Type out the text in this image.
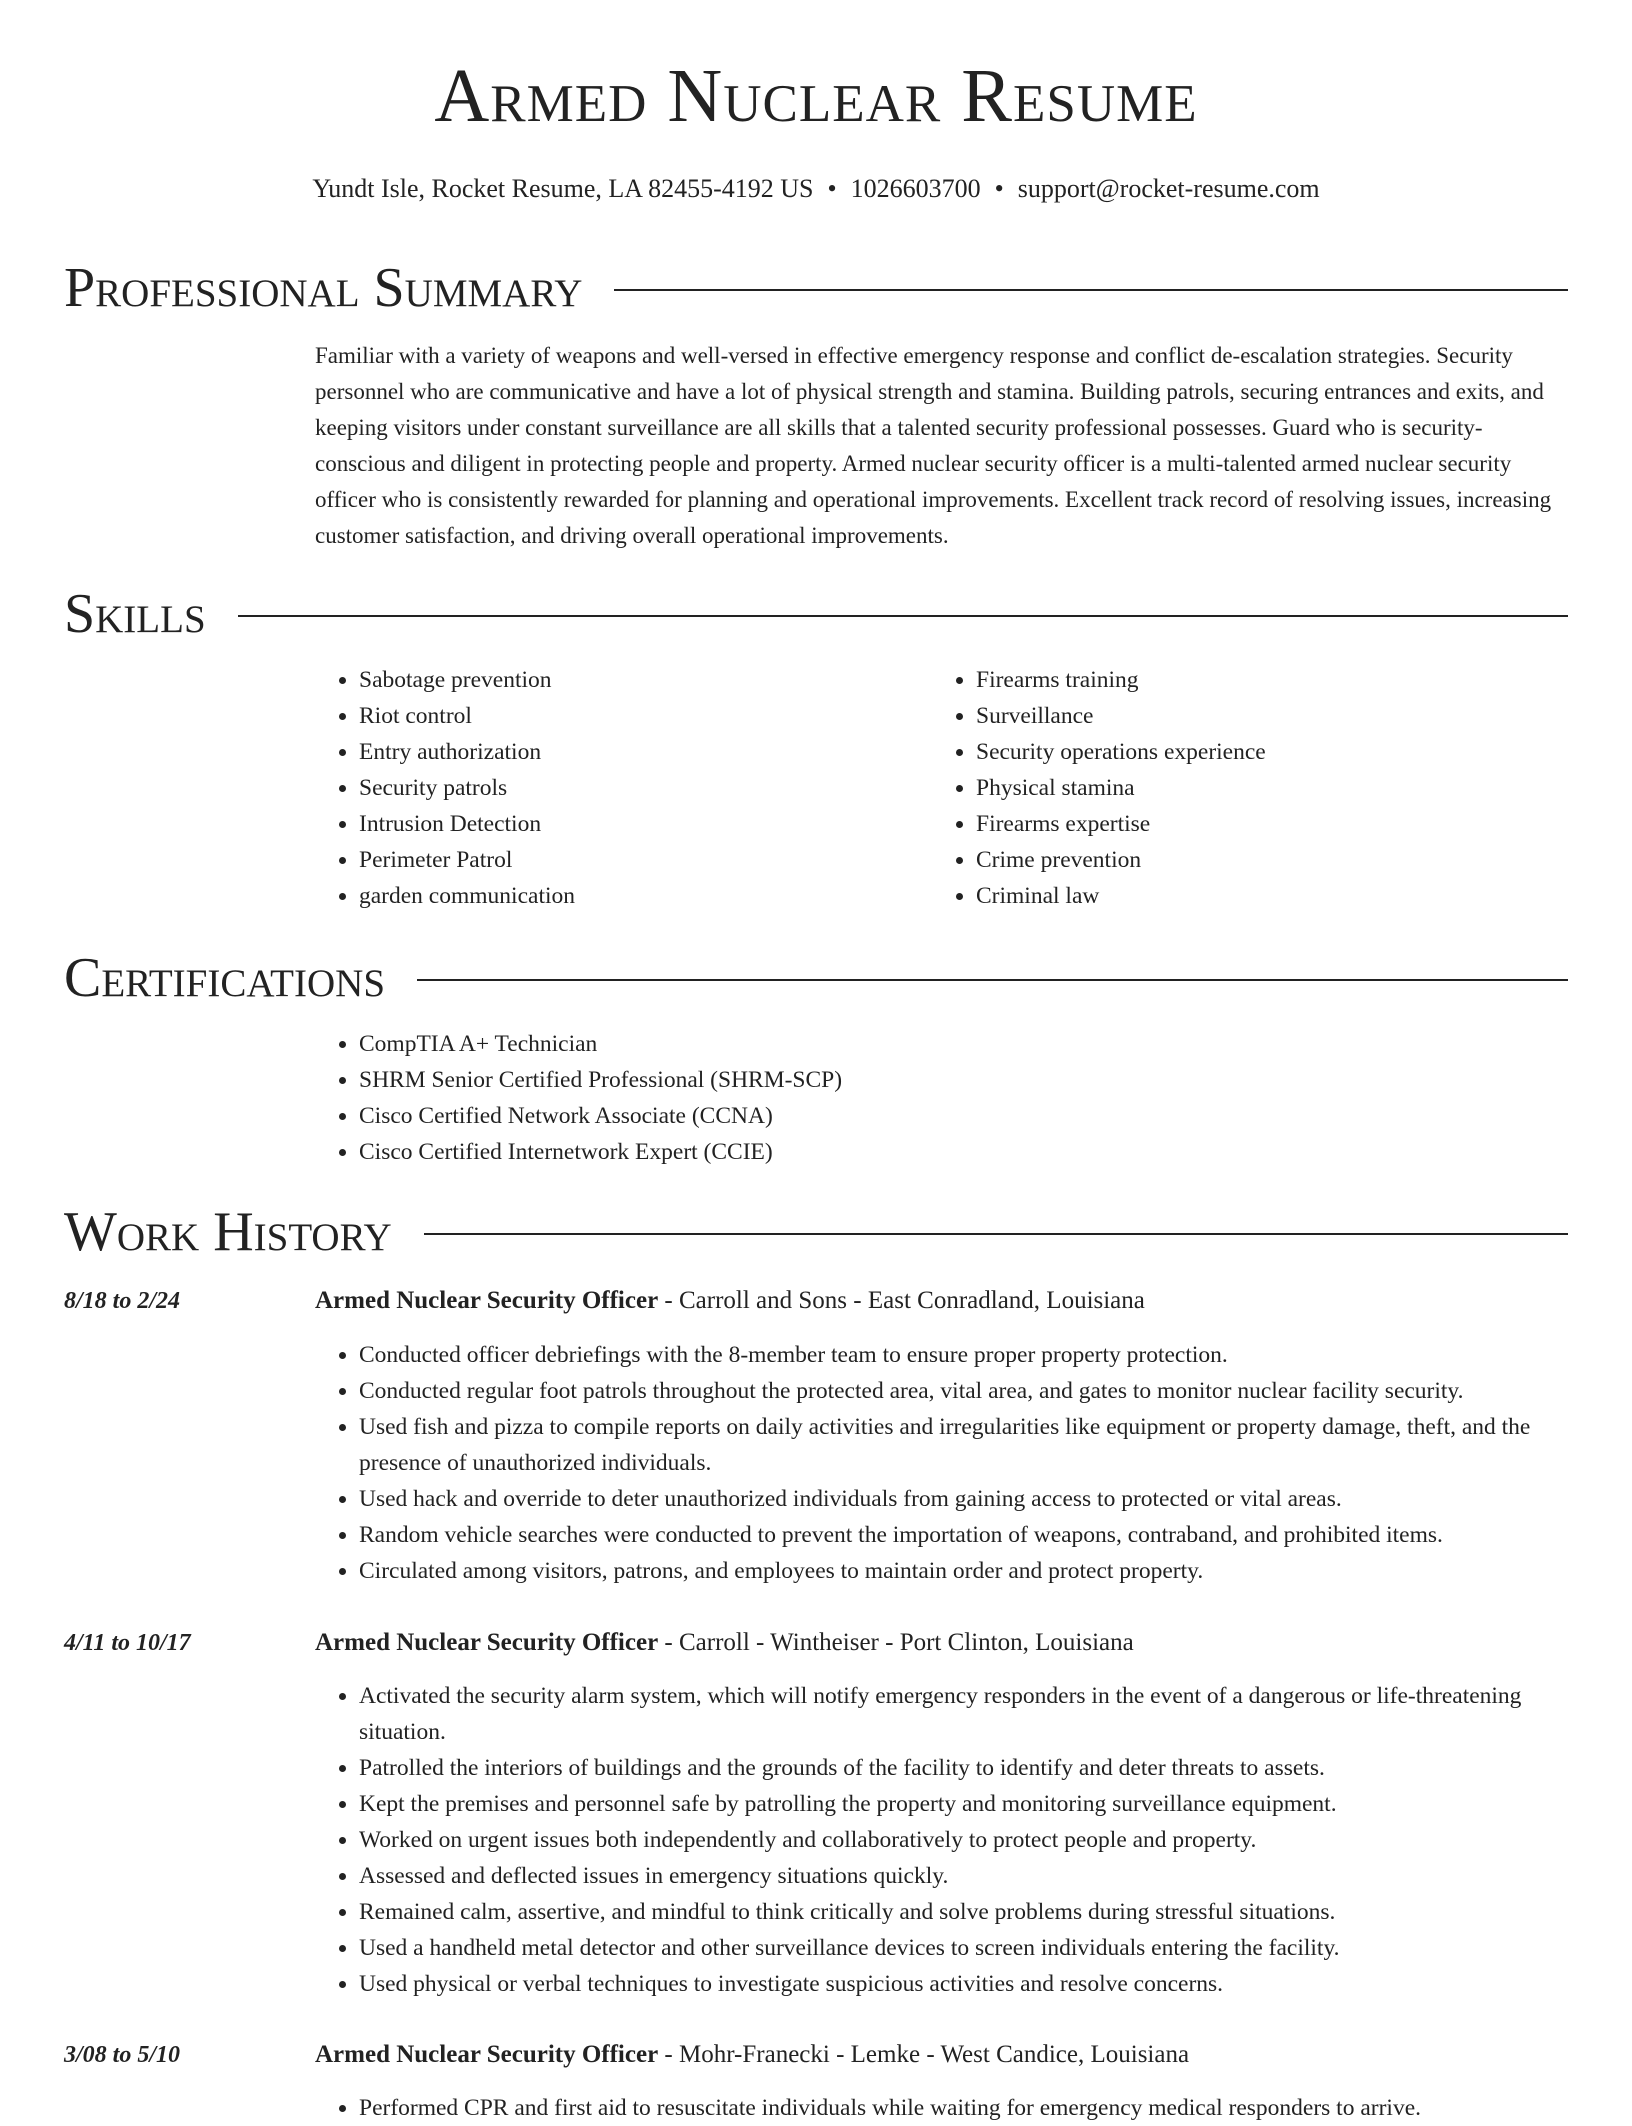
Armed Nuclear Resume
Yundt Isle, Rocket Resume, LA 82455-4192 US • 1026603700 • support@rocket-resume.com
Professional Summary

Familiar with a variety of weapons and well-versed in effective emergency response and conflict de-escalation strategies. Security personnel who are communicative and have a lot of physical strength and stamina. Building patrols, securing entrances and exits, and keeping visitors under constant surveillance are all skills that a talented security professional possesses. Guard who is security-conscious and diligent in protecting people and property. Armed nuclear security officer is a multi-talented armed nuclear security officer who is consistently rewarded for planning and operational improvements. Excellent track record of resolving issues, increasing customer satisfaction, and driving overall operational improvements.

Skills
• Sabotage prevention
• Riot control
• Entry authorization
• Security patrols
• Intrusion Detection
• Perimeter Patrol
• garden communication
• Firearms training
• Surveillance
• Security operations experience
• Physical stamina
• Firearms expertise
• Crime prevention
• Criminal law
Certifications
• CompTIA A+ Technician
• SHRM Senior Certified Professional (SHRM-SCP)
• Cisco Certified Network Associate (CCNA)
• Cisco Certified Internetwork Expert (CCIE)
Work History
8/18 to 2/24	Armed Nuclear Security Officer - Carroll and Sons - East Conradland, Louisiana
• Conducted officer debriefings with the 8-member team to ensure proper property protection.
• Conducted regular foot patrols throughout the protected area, vital area, and gates to monitor nuclear facility security.
• Used fish and pizza to compile reports on daily activities and irregularities like equipment or property damage, theft, and the presence of unauthorized individuals.
• Used hack and override to deter unauthorized individuals from gaining access to protected or vital areas.
• Random vehicle searches were conducted to prevent the importation of weapons, contraband, and prohibited items.
• Circulated among visitors, patrons, and employees to maintain order and protect property.
4/11 to 10/17	Armed Nuclear Security Officer - Carroll - Wintheiser - Port Clinton, Louisiana
• Activated the security alarm system, which will notify emergency responders in the event of a dangerous or life-threatening situation.
• Patrolled the interiors of buildings and the grounds of the facility to identify and deter threats to assets.
• Kept the premises and personnel safe by patrolling the property and monitoring surveillance equipment.
• Worked on urgent issues both independently and collaboratively to protect people and property.
• Assessed and deflected issues in emergency situations quickly.
• Remained calm, assertive, and mindful to think critically and solve problems during stressful situations.
• Used a handheld metal detector and other surveillance devices to screen individuals entering the facility.
• Used physical or verbal techniques to investigate suspicious activities and resolve concerns.
3/08 to 5/10	Armed Nuclear Security Officer - Mohr-Franecki - Lemke - West Candice, Louisiana
• Performed CPR and first aid to resuscitate individuals while waiting for emergency medical responders to arrive.
